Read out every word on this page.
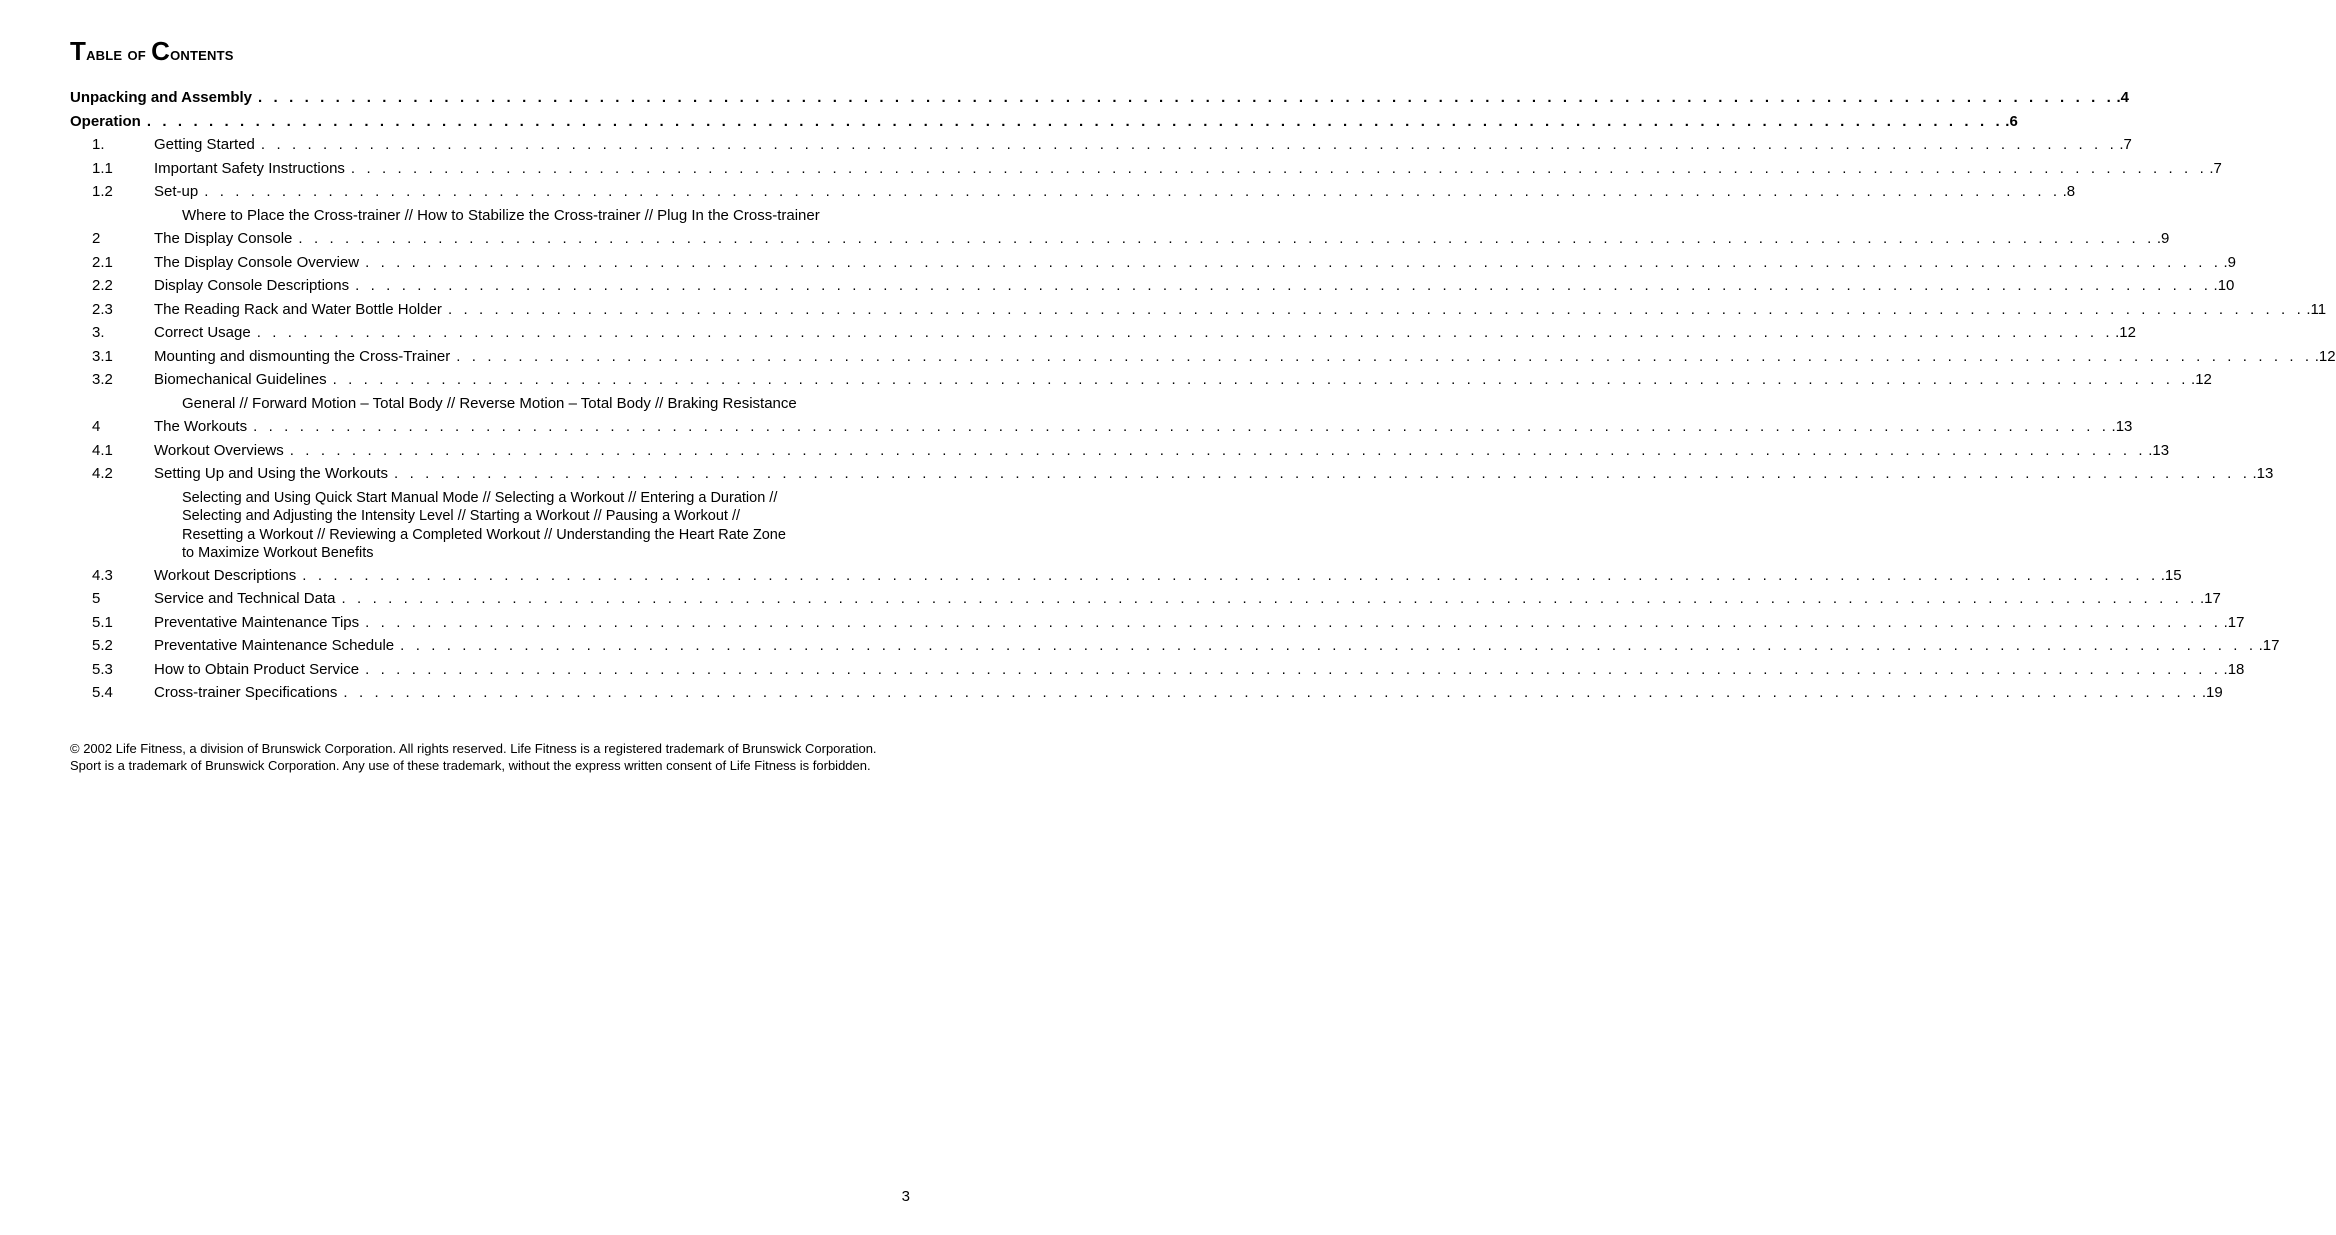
Table of Contents
Unpacking and Assembly . . . . . . . . . . . . . . . . . . . . . . . . . . . . . . . . . . . . . . . . . . . . . . . . . . . . . . . . . . . . . . . . . . . . . . . . . . . . . . . . . . . . . . . . . . . . . . . . . . . . . . . . . . . . . . . . . . . . . . . . .4
Operation . . . . . . . . . . . . . . . . . . . . . . . . . . . . . . . . . . . . . . . . . . . . . . . . . . . . . . . . . . . . . . . . . . . . . . . . . . . . . . . . . . . . . . . . . . . . . . . . . . . . . . . . . . . . . . . . . . . . . . . . .6
1.	Getting Started . . . . . . . . . . . . . . . . . . . . . . . . . . . . . . . . . . . . . . . . . . . . . . . . . . . . . . . . . . . . . . . . . . . . . . . . . . . . . . . . . . . . . . . . . . . . . . . . . . . . . . . . . . . . . . . . . . . . . . . . .7
1.1	Important Safety Instructions . . . . . . . . . . . . . . . . . . . . . . . . . . . . . . . . . . . . . . . . . . . . . . . . . . . . . . . . . . . . . . . . . . . . . . . . . . . . . . . . . . . . . . . . . . . . . . . . . . . . . . . . . . . . . . . . . . . . . . . . .7
1.2	Set-up . . . . . . . . . . . . . . . . . . . . . . . . . . . . . . . . . . . . . . . . . . . . . . . . . . . . . . . . . . . . . . . . . . . . . . . . . . . . . . . . . . . . . . . . . . . . . . . . . . . . . . . . . . . . . . . . . . . . . . . . .8
Where to Place the Cross-trainer // How to Stabilize the Cross-trainer // Plug In the Cross-trainer
2	The Display Console . . . . . . . . . . . . . . . . . . . . . . . . . . . . . . . . . . . . . . . . . . . . . . . . . . . . . . . . . . . . . . . . . . . . . . . . . . . . . . . . . . . . . . . . . . . . . . . . . . . . . . . . . . . . . . . . . . . . . . . . .9
2.1	The Display Console Overview . . . . . . . . . . . . . . . . . . . . . . . . . . . . . . . . . . . . . . . . . . . . . . . . . . . . . . . . . . . . . . . . . . . . . . . . . . . . . . . . . . . . . . . . . . . . . . . . . . . . . . . . . . . . . . . . . . . . . . . . .9
2.2	Display Console Descriptions . . . . . . . . . . . . . . . . . . . . . . . . . . . . . . . . . . . . . . . . . . . . . . . . . . . . . . . . . . . . . . . . . . . . . . . . . . . . . . . . . . . . . . . . . . . . . . . . . . . . . . . . . . . . . . . . . . . . . . . . .10
2.3	The Reading Rack and Water Bottle Holder . . . . . . . . . . . . . . . . . . . . . . . . . . . . . . . . . . . . . . . . . . . . . . . . . . . . . . . . . . . . . . . . . . . . . . . . . . . . . . . . . . . . . . . . . . . . . . . . . . . . . . . . . . . . . . . . . . . . . . . . .11
3.	Correct Usage . . . . . . . . . . . . . . . . . . . . . . . . . . . . . . . . . . . . . . . . . . . . . . . . . . . . . . . . . . . . . . . . . . . . . . . . . . . . . . . . . . . . . . . . . . . . . . . . . . . . . . . . . . . . . . . . . . . . . . . . .12
3.1	Mounting and dismounting the Cross-Trainer . . . . . . . . . . . . . . . . . . . . . . . . . . . . . . . . . . . . . . . . . . . . . . . . . . . . . . . . . . . . . . . . . . . . . . . . . . . . . . . . . . . . . . . . . . . . . . . . . . . . . . . . . . . . . . . . . . . . . . . . .12
3.2	Biomechanical Guidelines . . . . . . . . . . . . . . . . . . . . . . . . . . . . . . . . . . . . . . . . . . . . . . . . . . . . . . . . . . . . . . . . . . . . . . . . . . . . . . . . . . . . . . . . . . . . . . . . . . . . . . . . . . . . . . . . . . . . . . . . .12
General // Forward Motion – Total Body // Reverse Motion – Total Body // Braking Resistance
4	The Workouts . . . . . . . . . . . . . . . . . . . . . . . . . . . . . . . . . . . . . . . . . . . . . . . . . . . . . . . . . . . . . . . . . . . . . . . . . . . . . . . . . . . . . . . . . . . . . . . . . . . . . . . . . . . . . . . . . . . . . . . . .13
4.1	Workout Overviews . . . . . . . . . . . . . . . . . . . . . . . . . . . . . . . . . . . . . . . . . . . . . . . . . . . . . . . . . . . . . . . . . . . . . . . . . . . . . . . . . . . . . . . . . . . . . . . . . . . . . . . . . . . . . . . . . . . . . . . . .13
4.2	Setting Up and Using the Workouts . . . . . . . . . . . . . . . . . . . . . . . . . . . . . . . . . . . . . . . . . . . . . . . . . . . . . . . . . . . . . . . . . . . . . . . . . . . . . . . . . . . . . . . . . . . . . . . . . . . . . . . . . . . . . . . . . . . . . . . . .13
Selecting and Using Quick Start Manual Mode // Selecting a Workout // Entering a Duration //
Selecting and Adjusting the Intensity Level // Starting a Workout // Pausing a Workout //
Resetting a Workout // Reviewing a Completed Workout // Understanding the Heart Rate Zone
to Maximize Workout Benefits
4.3	Workout Descriptions . . . . . . . . . . . . . . . . . . . . . . . . . . . . . . . . . . . . . . . . . . . . . . . . . . . . . . . . . . . . . . . . . . . . . . . . . . . . . . . . . . . . . . . . . . . . . . . . . . . . . . . . . . . . . . . . . . . . . . . . .15
5	Service and Technical Data . . . . . . . . . . . . . . . . . . . . . . . . . . . . . . . . . . . . . . . . . . . . . . . . . . . . . . . . . . . . . . . . . . . . . . . . . . . . . . . . . . . . . . . . . . . . . . . . . . . . . . . . . . . . . . . . . . . . . . . . .17
5.1	Preventative Maintenance Tips . . . . . . . . . . . . . . . . . . . . . . . . . . . . . . . . . . . . . . . . . . . . . . . . . . . . . . . . . . . . . . . . . . . . . . . . . . . . . . . . . . . . . . . . . . . . . . . . . . . . . . . . . . . . . . . . . . . . . . . . .17
5.2	Preventative Maintenance Schedule . . . . . . . . . . . . . . . . . . . . . . . . . . . . . . . . . . . . . . . . . . . . . . . . . . . . . . . . . . . . . . . . . . . . . . . . . . . . . . . . . . . . . . . . . . . . . . . . . . . . . . . . . . . . . . . . . . . . . . . . .17
5.3	How to Obtain Product Service . . . . . . . . . . . . . . . . . . . . . . . . . . . . . . . . . . . . . . . . . . . . . . . . . . . . . . . . . . . . . . . . . . . . . . . . . . . . . . . . . . . . . . . . . . . . . . . . . . . . . . . . . . . . . . . . . . . . . . . . .18
5.4	Cross-trainer Specifications . . . . . . . . . . . . . . . . . . . . . . . . . . . . . . . . . . . . . . . . . . . . . . . . . . . . . . . . . . . . . . . . . . . . . . . . . . . . . . . . . . . . . . . . . . . . . . . . . . . . . . . . . . . . . . . . . . . . . . . . .19

© 2002 Life Fitness, a division of Brunswick Corporation. All rights reserved. Life Fitness is a registered trademark of Brunswick Corporation. Sport is a trademark of Brunswick Corporation. Any use of these trademark, without the express written consent of Life Fitness is forbidden.

3
